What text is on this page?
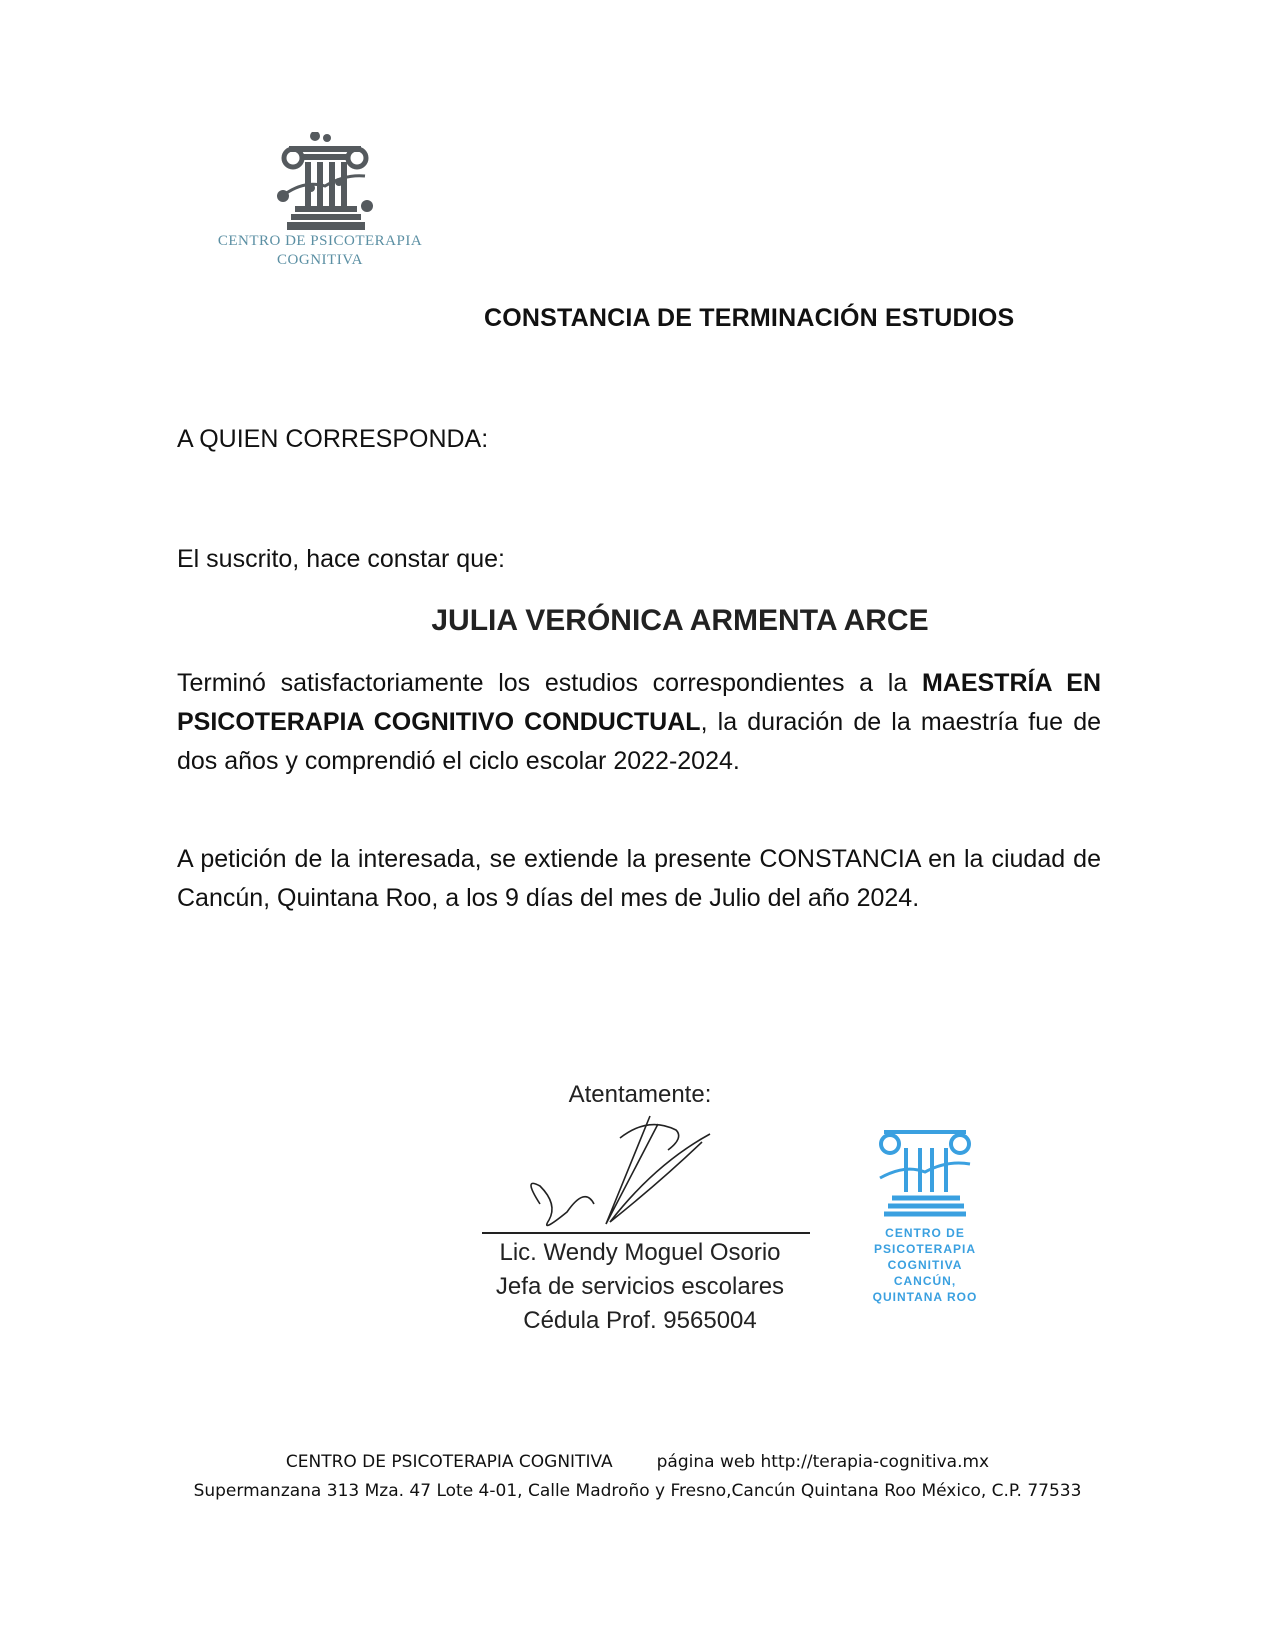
CENTRO DE PSICOTERAPIA
COGNITIVA
CONSTANCIA DE TERMINACIÓN ESTUDIOS
A QUIEN CORRESPONDA:
El suscrito, hace constar que:
JULIA VERÓNICA ARMENTA ARCE
Terminó satisfactoriamente los estudios correspondientes a la MAESTRÍA EN PSICOTERAPIA COGNITIVO CONDUCTUAL, la duración de la maestría fue de dos años y comprendió el ciclo escolar 2022-2024.
A petición de la interesada, se extiende la presente CONSTANCIA en la ciudad de Cancún, Quintana Roo, a los 9 días del mes de Julio del año 2024.
Atentamente:
Lic. Wendy Moguel Osorio
Jefa de servicios escolares
Cédula Prof. 9565004
CENTRO DE
PSICOTERAPIA
COGNITIVA
CANCÚN,
QUINTANA ROO
CENTRO DE PSICOTERAPIA COGNITIVA	página web http://terapia-cognitiva.mx
Supermanzana 313 Mza. 47 Lote 4-01, Calle Madroño y Fresno,Cancún Quintana Roo México, C.P. 77533
